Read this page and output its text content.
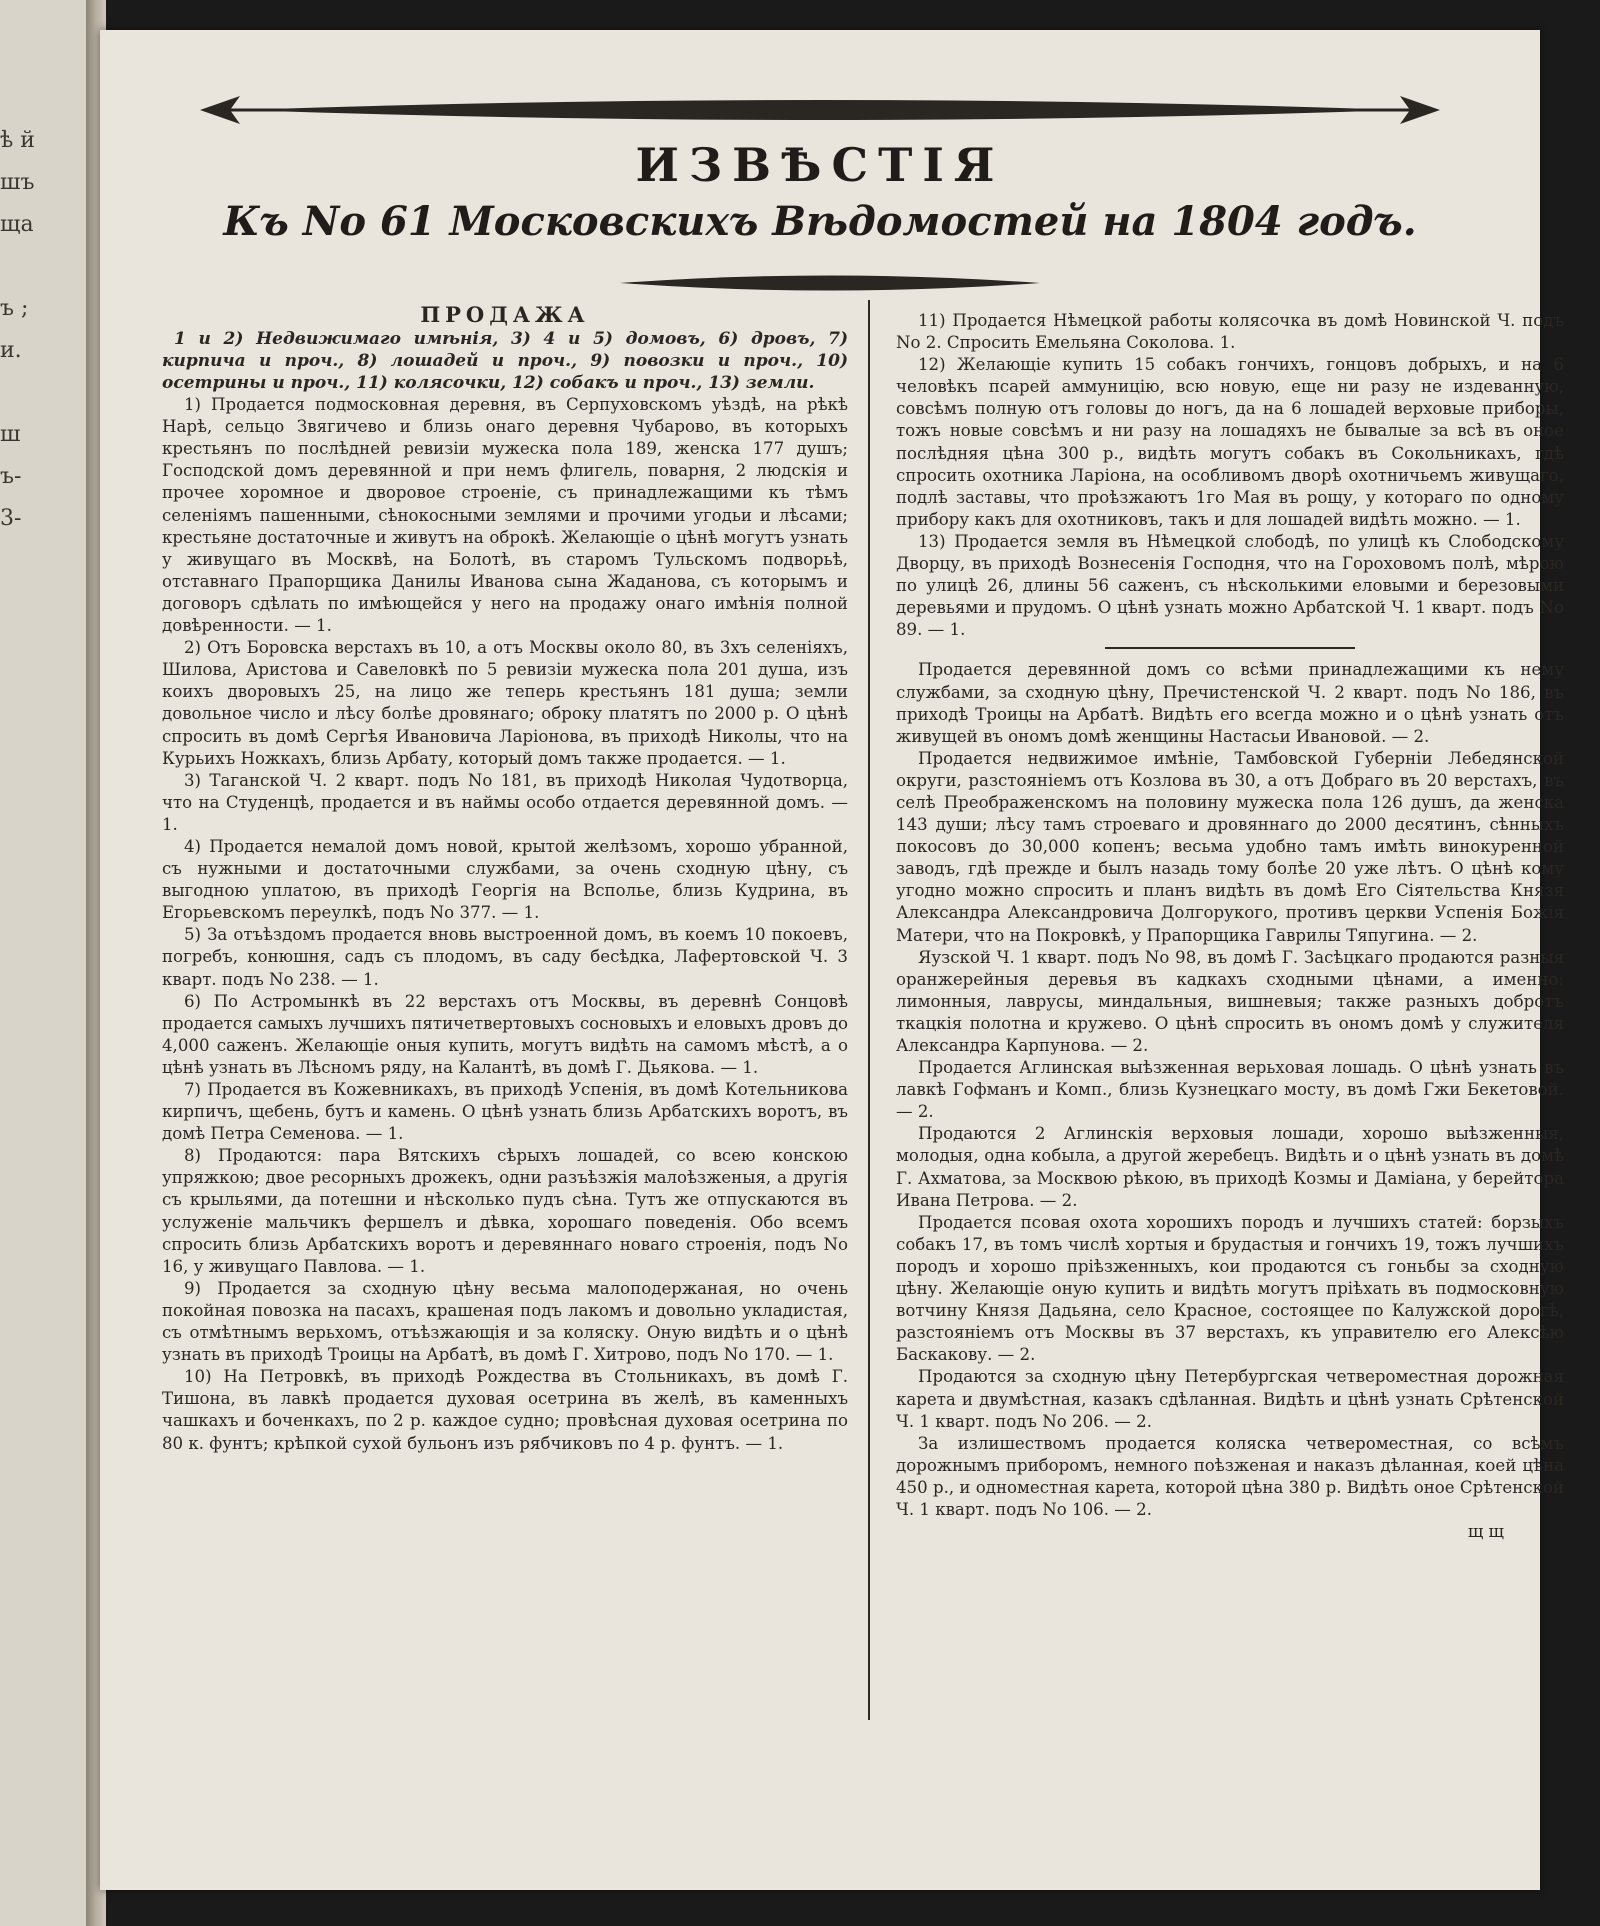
ѣ й
шъ
ща

ъ ;
и.

ш
ъ-
3-
ИЗВѢСТІЯ
Къ No 61 Московскихъ Вѣдомостей на 1804 годъ.
ПРОДАЖА

1 и 2) Недвижимаго имѣнія, 3) 4 и 5) домовъ, 6) дровъ, 7) кирпича и проч., 8) лошадей и проч., 9) повозки и проч., 10) осетрины и проч., 11) колясочки, 12) собакъ и проч., 13) земли.

1) Продается подмосковная деревня, въ Серпуховскомъ уѣздѣ, на рѣкѣ Нарѣ, сельцо Звягичево и близь онаго деревня Чубарово, въ которыхъ крестьянъ по послѣдней ревизіи мужеска пола 189, женска 177 душъ; Господской домъ деревянной и при немъ флигель, поварня, 2 людскія и прочее хоромное и дворовое строеніе, съ принадлежащими къ тѣмъ селеніямъ пашенными, сѣнокосными землями и прочими угодьи и лѣсами; крестьяне достаточные и живутъ на оброкѣ. Желающіе о цѣнѣ могутъ узнать у живущаго въ Москвѣ, на Болотѣ, въ старомъ Тульскомъ подворьѣ, отставнаго Прапорщика Данилы Иванова сына Жаданова, съ которымъ и договоръ сдѣлать по имѣющейся у него на продажу онаго имѣнія полной довѣренности. — 1.

2) Отъ Боровска верстахъ въ 10, а отъ Москвы около 80, въ 3хъ селеніяхъ, Шилова, Аристова и Савеловкѣ по 5 ревизіи мужеска пола 201 душа, изъ коихъ дворовыхъ 25, на лицо же теперь крестьянъ 181 душа; земли довольное число и лѣсу болѣе дровянаго; оброку платятъ по 2000 р. О цѣнѣ спросить въ домѣ Сергѣя Ивановича Ларіонова, въ приходѣ Николы, что на Курьихъ Ножкахъ, близь Арбату, который домъ также продается. — 1.

3) Таганской Ч. 2 кварт. подъ No 181, въ приходѣ Николая Чудотворца, что на Студенцѣ, продается и въ наймы особо отдается деревянной домъ. — 1.

4) Продается немалой домъ новой, крытой желѣзомъ, хорошо убранной, съ нужными и достаточными службами, за очень сходную цѣну, съ выгодною уплатою, въ приходѣ Георгія на Всполье, близь Кудрина, въ Егорьевскомъ переулкѣ, подъ No 377. — 1.

5) За отъѣздомъ продается вновь выстроенной домъ, въ коемъ 10 покоевъ, погребъ, конюшня, садъ съ плодомъ, въ саду бесѣдка, Лафертовской Ч. 3 кварт. подъ No 238. — 1.

6) По Астромынкѣ въ 22 верстахъ отъ Москвы, въ деревнѣ Сонцовѣ продается самыхъ лучшихъ пятичетвертовыхъ сосновыхъ и еловыхъ дровъ до 4,000 саженъ. Желающіе оныя купить, могутъ видѣть на самомъ мѣстѣ, а о цѣнѣ узнать въ Лѣсномъ ряду, на Калантѣ, въ домѣ Г. Дьякова. — 1.

7) Продается въ Кожевникахъ, въ приходѣ Успенія, въ домѣ Котельникова кирпичъ, щебень, бутъ и камень. О цѣнѣ узнать близь Арбатскихъ воротъ, въ домѣ Петра Семенова. — 1.

8) Продаются: пара Вятскихъ сѣрыхъ лошадей, со всею конскою упряжкою; двое ресорныхъ дрожекъ, одни разъѣзжія малоѣзженыя, а другія съ крыльями, да потешни и нѣсколько пудъ сѣна. Тутъ же отпускаются въ услуженіе мальчикъ фершелъ и дѣвка, хорошаго поведенія. Обо всемъ спросить близь Арбатскихъ воротъ и деревяннаго новаго строенія, подъ No 16, у живущаго Павлова. — 1.

9) Продается за сходную цѣну весьма малоподержаная, но очень покойная повозка на пасахъ, крашеная подъ лакомъ и довольно укладистая, съ отмѣтнымъ верьхомъ, отъѣзжающія и за коляску. Оную видѣть и о цѣнѣ узнать въ приходѣ Троицы на Арбатѣ, въ домѣ Г. Хитрово, подъ No 170. — 1.

10) На Петровкѣ, въ приходѣ Рождества въ Стольникахъ, въ домѣ Г. Тишона, въ лавкѣ продается духовая осетрина въ желѣ, въ каменныхъ чашкахъ и боченкахъ, по 2 р. каждое судно; провѣсная духовая осетрина по 80 к. фунтъ; крѣпкой сухой бульонъ изъ рябчиковъ по 4 р. фунтъ. — 1.

11) Продается Нѣмецкой работы колясочка въ домѣ Новинской Ч. подъ No 2. Спросить Емельяна Соколова. 1.

12) Желающіе купить 15 собакъ гончихъ, гонцовъ добрыхъ, и на 6 человѣкъ псарей аммуницію, всю новую, еще ни разу не издеванную, совсѣмъ полную отъ головы до ногъ, да на 6 лошадей верховые приборы, тожъ новые совсѣмъ и ни разу на лошадяхъ не бывалые за всѣ въ оное послѣдняя цѣна 300 р., видѣть могутъ собакъ въ Сокольникахъ, гдѣ спросить охотника Ларіона, на особливомъ дворѣ охотничьемъ живущаго, подлѣ заставы, что проѣзжаютъ 1го Мая въ рощу, у котораго по одному прибору какъ для охотниковъ, такъ и для лошадей видѣть можно. — 1.

13) Продается земля въ Нѣмецкой слободѣ, по улицѣ къ Слободскому Дворцу, въ приходѣ Вознесенія Господня, что на Гороховомъ полѣ, мѣрою по улицѣ 26, длины 56 саженъ, съ нѣсколькими еловыми и березовыми деревьями и прудомъ. О цѣнѣ узнать можно Арбатской Ч. 1 кварт. подъ No 89. — 1.

Продается деревянной домъ со всѣми принадлежащими къ нему службами, за сходную цѣну, Пречистенской Ч. 2 кварт. подъ No 186, въ приходѣ Троицы на Арбатѣ. Видѣть его всегда можно и о цѣнѣ узнать отъ живущей въ ономъ домѣ женщины Настасьи Ивановой. — 2.

Продается недвижимое имѣніе, Тамбовской Губерніи Лебедянской округи, разстояніемъ отъ Козлова въ 30, а отъ Добраго въ 20 верстахъ, въ селѣ Преображенскомъ на половину мужеска пола 126 душъ, да женска 143 души; лѣсу тамъ строеваго и дровяннаго до 2000 десятинъ, сѣнныхъ покосовъ до 30,000 копенъ; весьма удобно тамъ имѣть винокуренной заводъ, гдѣ прежде и былъ назадь тому болѣе 20 уже лѣтъ. О цѣнѣ кому угодно можно спросить и планъ видѣть въ домѣ Его Сіятельства Князя Александра Александровича Долгорукого, противъ церкви Успенія Божія Матери, что на Покровкѣ, у Прапорщика Гаврилы Тяпугина. — 2.

Яузской Ч. 1 кварт. подъ No 98, въ домѣ Г. Засѣцкаго продаются разныя оранжерейныя деревья въ кадкахъ сходными цѣнами, а именно: лимонныя, лаврусы, миндальныя, вишневыя; также разныхъ добротъ ткацкія полотна и кружево. О цѣнѣ спросить въ ономъ домѣ у служителя Александра Карпунова. — 2.

Продается Аглинская выѣзженная верьховая лошадь. О цѣнѣ узнать въ лавкѣ Гофманъ и Комп., близь Кузнецкаго мосту, въ домѣ Гжи Бекетовой. — 2.

Продаются 2 Аглинскія верховыя лошади, хорошо выѣзженныя, молодыя, одна кобыла, а другой жеребецъ. Видѣть и о цѣнѣ узнать въ домѣ Г. Ахматова, за Москвою рѣкою, въ приходѣ Козмы и Даміана, у берейтора Ивана Петрова. — 2.

Продается псовая охота хорошихъ породъ и лучшихъ статей: борзыхъ собакъ 17, въ томъ числѣ хортыя и брудастыя и гончихъ 19, тожъ лучшихъ породъ и хорошо пріѣзженныхъ, кои продаются съ гоньбы за сходную цѣну. Желающіе оную купить и видѣть могутъ пріѣхать въ подмосковную вотчину Князя Дадьяна, село Красное, состоящее по Калужской дорогѣ, разстояніемъ отъ Москвы въ 37 верстахъ, къ управителю его Алексѣю Баскакову. — 2.

Продаются за сходную цѣну Петербургская четвероместная дорожная карета и двумѣстная, казакъ сдѣланная. Видѣть и цѣнѣ узнать Срѣтенской Ч. 1 кварт. подъ No 206. — 2.

За излишествомъ продается коляска четвероместная, со всѣмъ дорожнымъ приборомъ, немного поѣзженая и наказъ дѣланная, коей цѣна 450 р., и одноместная карета, которой цѣна 380 р. Видѣть оное Срѣтенской Ч. 1 кварт. подъ No 106. — 2.

щ щ
